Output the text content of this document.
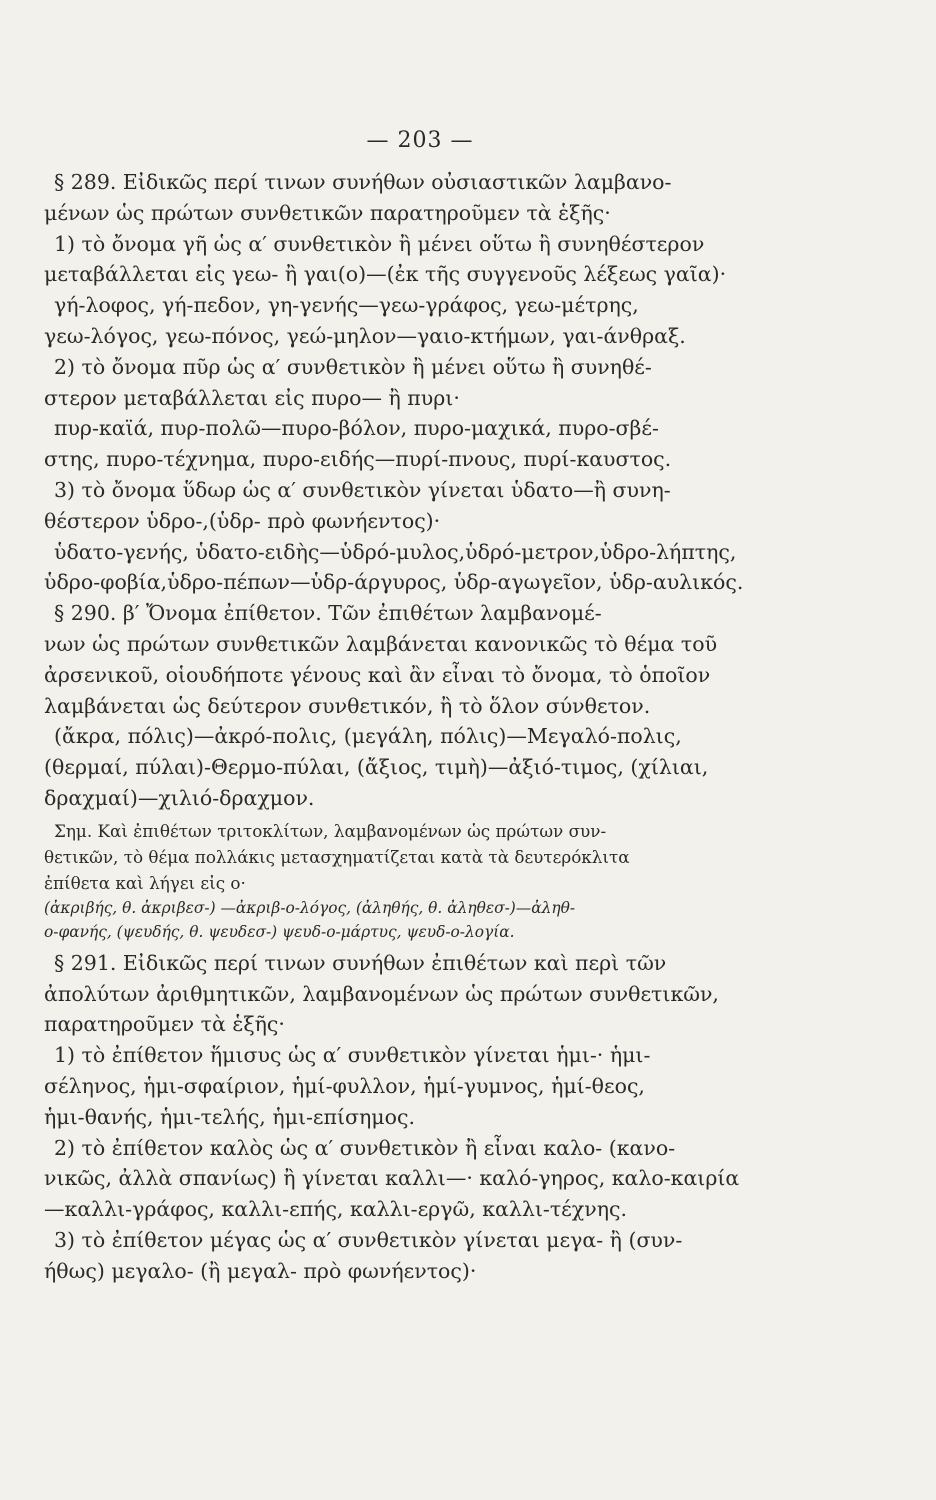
— 203 —
§ 289. Εἰδικῶς περί τινων συνήθων οὐσιαστικῶν λαμβανο-
μένων ὡς πρώτων συνθετικῶν παρατηροῦμεν τὰ ἑξῆς·
1) τὸ ὄνομα γῆ ὡς α′ συνθετικὸν ἢ μένει οὕτω ἢ συνηθέστερον
μεταβάλλεται εἰς γεω- ἢ γαι(ο)—(ἐκ τῆς συγγενοῦς λέξεως γαῖα)·
γή-λοφος, γή-πεδον, γη-γενής—γεω-γράφος, γεω-μέτρης,
γεω-λόγος, γεω-πόνος, γεώ-μηλον—γαιο-κτήμων, γαι-άνθραξ.
2) τὸ ὄνομα πῦρ ὡς α′ συνθετικὸν ἢ μένει οὕτω ἢ συνηθέ-
στερον μεταβάλλεται εἰς πυρο— ἢ πυρι·
πυρ-καϊά, πυρ-πολῶ—πυρο-βόλον, πυρο-μαχικά, πυρο-σβέ-
στης, πυρο-τέχνημα, πυρο-ειδής—πυρί-πνους, πυρί-καυστος.
3) τὸ ὄνομα ὕδωρ ὡς α′ συνθετικὸν γίνεται ὑδατο—ἢ συνη-
θέστερον ὑδρο-,(ὑδρ- πρὸ φωνήεντος)·
ὑδατο-γενής, ὑδατο-ειδὴς—ὑδρό-μυλος,ὑδρό-μετρον,ὑδρο-λήπτης,
ὑδρο-φοβία,ὑδρο-πέπων—ὑδρ-άργυρος, ὑδρ-αγωγεῖον, ὑδρ-αυλικός.
§ 290. β′ Ὄνομα ἐπίθετον. Τῶν ἐπιθέτων λαμβανομέ-
νων ὡς πρώτων συνθετικῶν λαμβάνεται κανονικῶς τὸ θέμα τοῦ
ἀρσενικοῦ, οἱουδήποτε γένους καὶ ἂν εἶναι τὸ ὄνομα, τὸ ὁποῖον
λαμβάνεται ὡς δεύτερον συνθετικόν, ἢ τὸ ὅλον σύνθετον.
(ἄκρα, πόλις)—ἀκρό-πολις, (μεγάλη, πόλις)—Μεγαλό-πολις,
(θερμαί, πύλαι)-Θερμο-πύλαι, (ἄξιος, τιμὴ)—ἀξιό-τιμος, (χίλιαι,
δραχμαί)—χιλιό-δραχμον.
Σημ. Καὶ ἐπιθέτων τριτοκλίτων, λαμβανομένων ὡς πρώτων συν-
θετικῶν, τὸ θέμα πολλάκις μετασχηματίζεται κατὰ τὰ δευτερόκλιτα
ἐπίθετα καὶ λήγει εἰς ο·
(ἀκριβής, θ. ἀκριβεσ-) —ἀκριβ-ο-λόγος, (ἀληθής, θ. ἀληθεσ-)—ἀληθ-
ο-φανής, (ψευδής, θ. ψευδεσ-) ψευδ-ο-μάρτυς, ψευδ-ο-λογία.
§ 291. Εἰδικῶς περί τινων συνήθων ἐπιθέτων καὶ περὶ τῶν
ἀπολύτων ἀριθμητικῶν, λαμβανομένων ὡς πρώτων συνθετικῶν,
παρατηροῦμεν τὰ ἑξῆς·
1) τὸ ἐπίθετον ἥμισυς ὡς α′ συνθετικὸν γίνεται ἡμι-· ἡμι-
σέληνος, ἡμι-σφαίριον, ἡμί-φυλλον, ἡμί-γυμνος, ἡμί-θεος,
ἡμι-θανής, ἡμι-τελής, ἡμι-επίσημος.
2) τὸ ἐπίθετον καλὸς ὡς α′ συνθετικὸν ἢ εἶναι καλο- (κανο-
νικῶς, ἀλλὰ σπανίως) ἢ γίνεται καλλι—· καλό-γηρος, καλο-καιρία
—καλλι-γράφος, καλλι-επής, καλλι-εργῶ, καλλι-τέχνης.
3) τὸ ἐπίθετον μέγας ὡς α′ συνθετικὸν γίνεται μεγα- ἢ (συν-
ήθως) μεγαλο- (ἢ μεγαλ- πρὸ φωνήεντος)·
